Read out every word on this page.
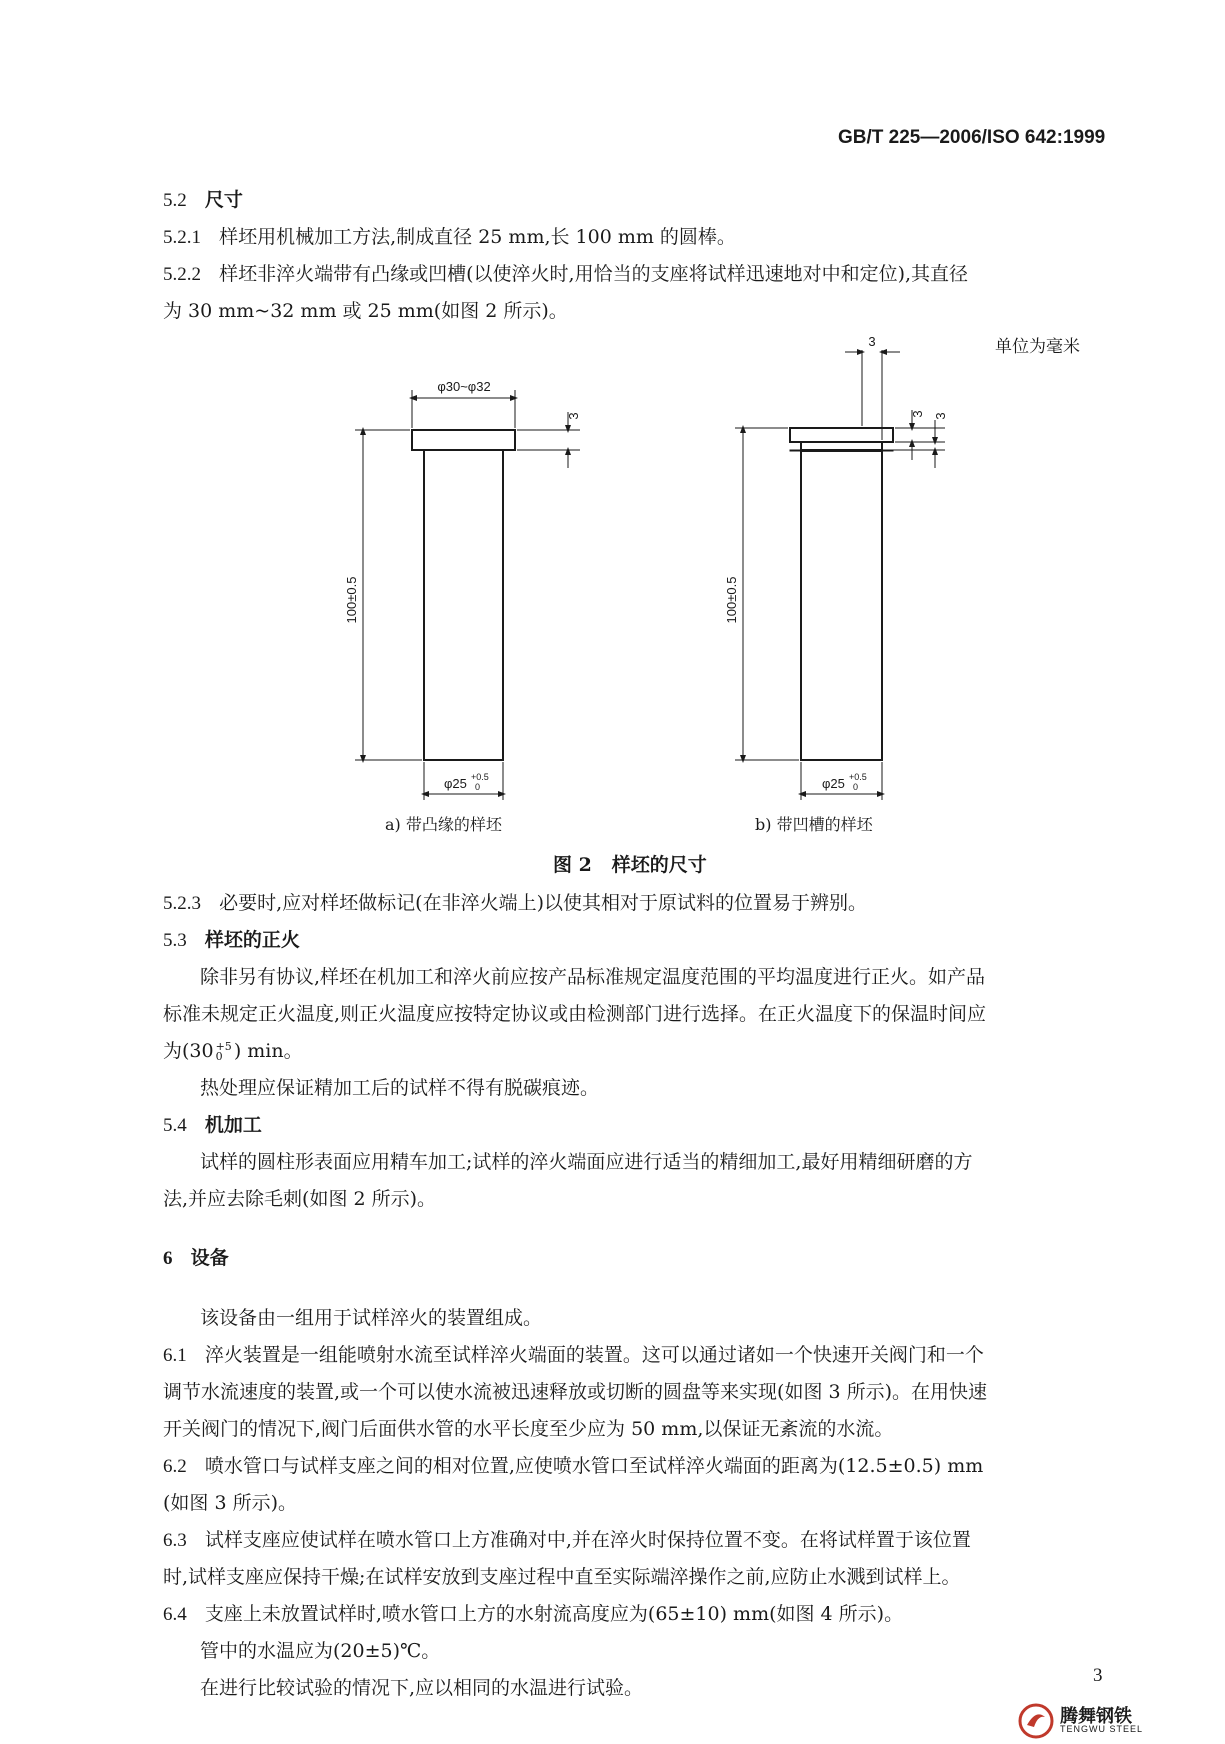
GB/T 225—2006/ISO 642:1999
5.2 尺寸
5.2.1 样坯用机械加工方法,制成直径 25 mm,长 100 mm 的圆棒。
5.2.2 样坯非淬火端带有凸缘或凹槽(以使淬火时,用恰当的支座将试样迅速地对中和定位),其直径
为 30 mm~32 mm 或 25 mm(如图 2 所示)。
单位为毫米
φ30~φ32
3
100±0.5
φ25 +0.5
0
3
3 3
100±0.5
φ25 +0.5
0
a) 带凸缘的样坯	b) 带凹槽的样坯
图 2 样坯的尺寸
5.2.3 必要时,应对样坯做标记(在非淬火端上)以使其相对于原试料的位置易于辨别。
5.3 样坯的正火
除非另有协议,样坯在机加工和淬火前应按产品标准规定温度范围的平均温度进行正火。如产品
标准未规定正火温度,则正火温度应按特定协议或由检测部门进行选择。在正火温度下的保温时间应
为(30 +5
0 ) min。
热处理应保证精加工后的试样不得有脱碳痕迹。
5.4 机加工
试样的圆柱形表面应用精车加工;试样的淬火端面应进行适当的精细加工,最好用精细研磨的方
法,并应去除毛刺(如图 2 所示)。
6 设备
该设备由一组用于试样淬火的装置组成。
6.1 淬火装置是一组能喷射水流至试样淬火端面的装置。这可以通过诸如一个快速开关阀门和一个
调节水流速度的装置,或一个可以使水流被迅速释放或切断的圆盘等来实现(如图 3 所示)。在用快速
开关阀门的情况下,阀门后面供水管的水平长度至少应为 50 mm,以保证无紊流的水流。
6.2 喷水管口与试样支座之间的相对位置,应使喷水管口至试样淬火端面的距离为(12.5±0.5) mm
(如图 3 所示)。
6.3 试样支座应使试样在喷水管口上方准确对中,并在淬火时保持位置不变。在将试样置于该位置
时,试样支座应保持干燥;在试样安放到支座过程中直至实际端淬操作之前,应防止水溅到试样上。
6.4 支座上未放置试样时,喷水管口上方的水射流高度应为(65±10) mm(如图 4 所示)。
管中的水温应为(20±5)℃。
在进行比较试验的情况下,应以相同的水温进行试验。
3
腾舞钢铁
TENGWU STEEL
